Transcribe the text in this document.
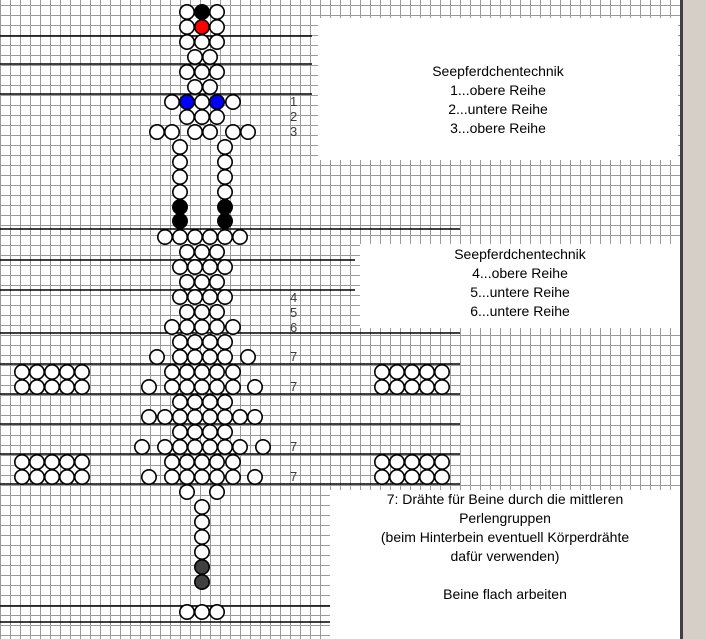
Seepferdchentechnik
1...obere Reihe
2...untere Reihe
3...obere Reihe
Seepferdchentechnik
4...obere Reihe
5...untere Reihe
6...untere Reihe
7: Drähte für Beine durch die mittleren
Perlengruppen
(beim Hinterbein eventuell Körperdrähte
dafür verwenden)
Beine flach arbeiten
1
2
3
4
5
6
7
7
7
7
